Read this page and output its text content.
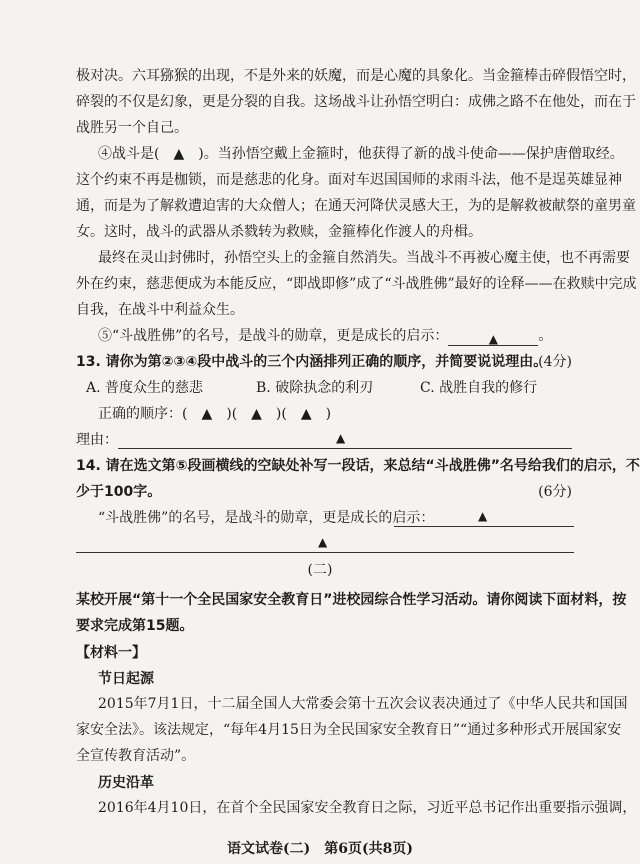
极对决。六耳猕猴的出现，不是外来的妖魔，而是心魔的具象化。当金箍棒击碎假悟空时，
碎裂的不仅是幻象，更是分裂的自我。这场战斗让孙悟空明白：成佛之路不在他处，而在于
战胜另一个自己。
④战斗是(　▲　)。当孙悟空戴上金箍时，他获得了新的战斗使命——保护唐僧取经。
这个约束不再是枷锁，而是慈悲的化身。面对车迟国国师的求雨斗法，他不是逞英雄显神
通，而是为了解救遭迫害的大众僧人；在通天河降伏灵感大王，为的是解救被献祭的童男童
女。这时，战斗的武器从杀戮转为救赎，金箍棒化作渡人的舟楫。
最终在灵山封佛时，孙悟空头上的金箍自然消失。当战斗不再被心魔主使，也不再需要
外在约束，慈悲便成为本能反应，“即战即修”成了“斗战胜佛”最好的诠释——在救赎中完成
自我，在战斗中利益众生。
⑤“斗战胜佛”的名号，是战斗的勋章，更是成长的启示：	▲	。
13. 请你为第②③④段中战斗的三个内涵排列正确的顺序，并简要说说理由。
(4分)
A. 普度众生的慈悲	B. 破除执念的利刃	C. 战胜自我的修行
正确的顺序：(　▲　)(　▲　)(　▲　)
理由：	▲
14. 请在选文第⑤段画横线的空缺处补写一段话，来总结“斗战胜佛”名号给我们的启示，不
少于100字。	(6分)
“斗战胜佛”的名号，是战斗的勋章，更是成长的启示：	▲
▲
(二)
某校开展“第十一个全民国家安全教育日”进校园综合性学习活动。请你阅读下面材料，按
要求完成第15题。
【材料一】
节日起源
2015年7月1日，十二届全国人大常委会第十五次会议表决通过了《中华人民共和国国
家安全法》。该法规定，“每年4月15日为全民国家安全教育日”“通过多种形式开展国家安
全宣传教育活动”。
历史沿革
2016年4月10日，在首个全民国家安全教育日之际，习近平总书记作出重要指示强调，
语文试卷(二)　第6页(共8页)
